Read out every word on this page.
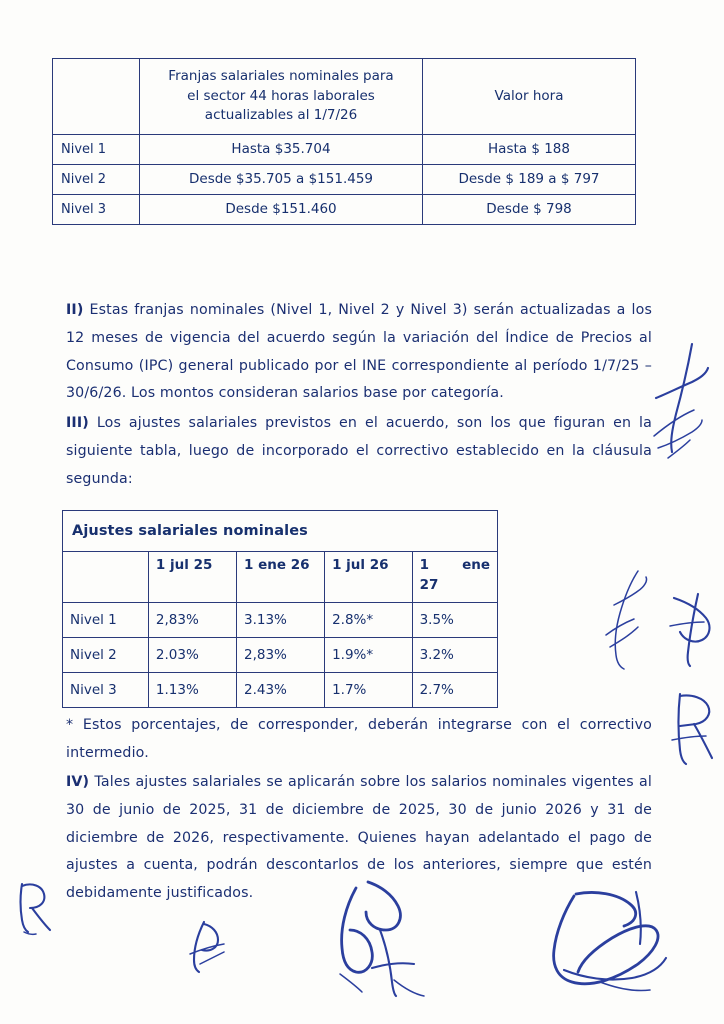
	Franjas salariales nominales para
el sector 44 horas laborales
actualizables al 1/7/26	Valor hora
Nivel 1	Hasta $35.704	Hasta $ 188
Nivel 2	Desde $35.705 a $151.459	Desde $ 189 a $ 797
Nivel 3	Desde $151.460	Desde $ 798

II) Estas franjas nominales (Nivel 1, Nivel 2 y Nivel 3) serán actualizadas a los 12 meses de vigencia del acuerdo según la variación del Índice de Precios al Consumo (IPC) general publicado por el INE correspondiente al período 1/7/25 – 30/6/26. Los montos consideran salarios base por categoría.

III) Los ajustes salariales previstos en el acuerdo, son los que figuran en la siguiente tabla, luego de incorporado el correctivo establecido en la cláusula segunda:

Ajustes salariales nominales				
	1 jul 25	1 ene 26	1 jul 26	1 ene
27
Nivel 1	2,83%	3.13%	2.8%*	3.5%
Nivel 2	2.03%	2,83%	1.9%*	3.2%
Nivel 3	1.13%	2.43%	1.7%	2.7%

* Estos porcentajes, de corresponder, deberán integrarse con el correctivo intermedio.

IV) Tales ajustes salariales se aplicarán sobre los salarios nominales vigentes al 30 de junio de 2025, 31 de diciembre de 2025, 30 de junio 2026 y 31 de diciembre de 2026, respectivamente. Quienes hayan adelantado el pago de ajustes a cuenta, podrán descontarlos de los anteriores, siempre que estén debidamente justificados.
